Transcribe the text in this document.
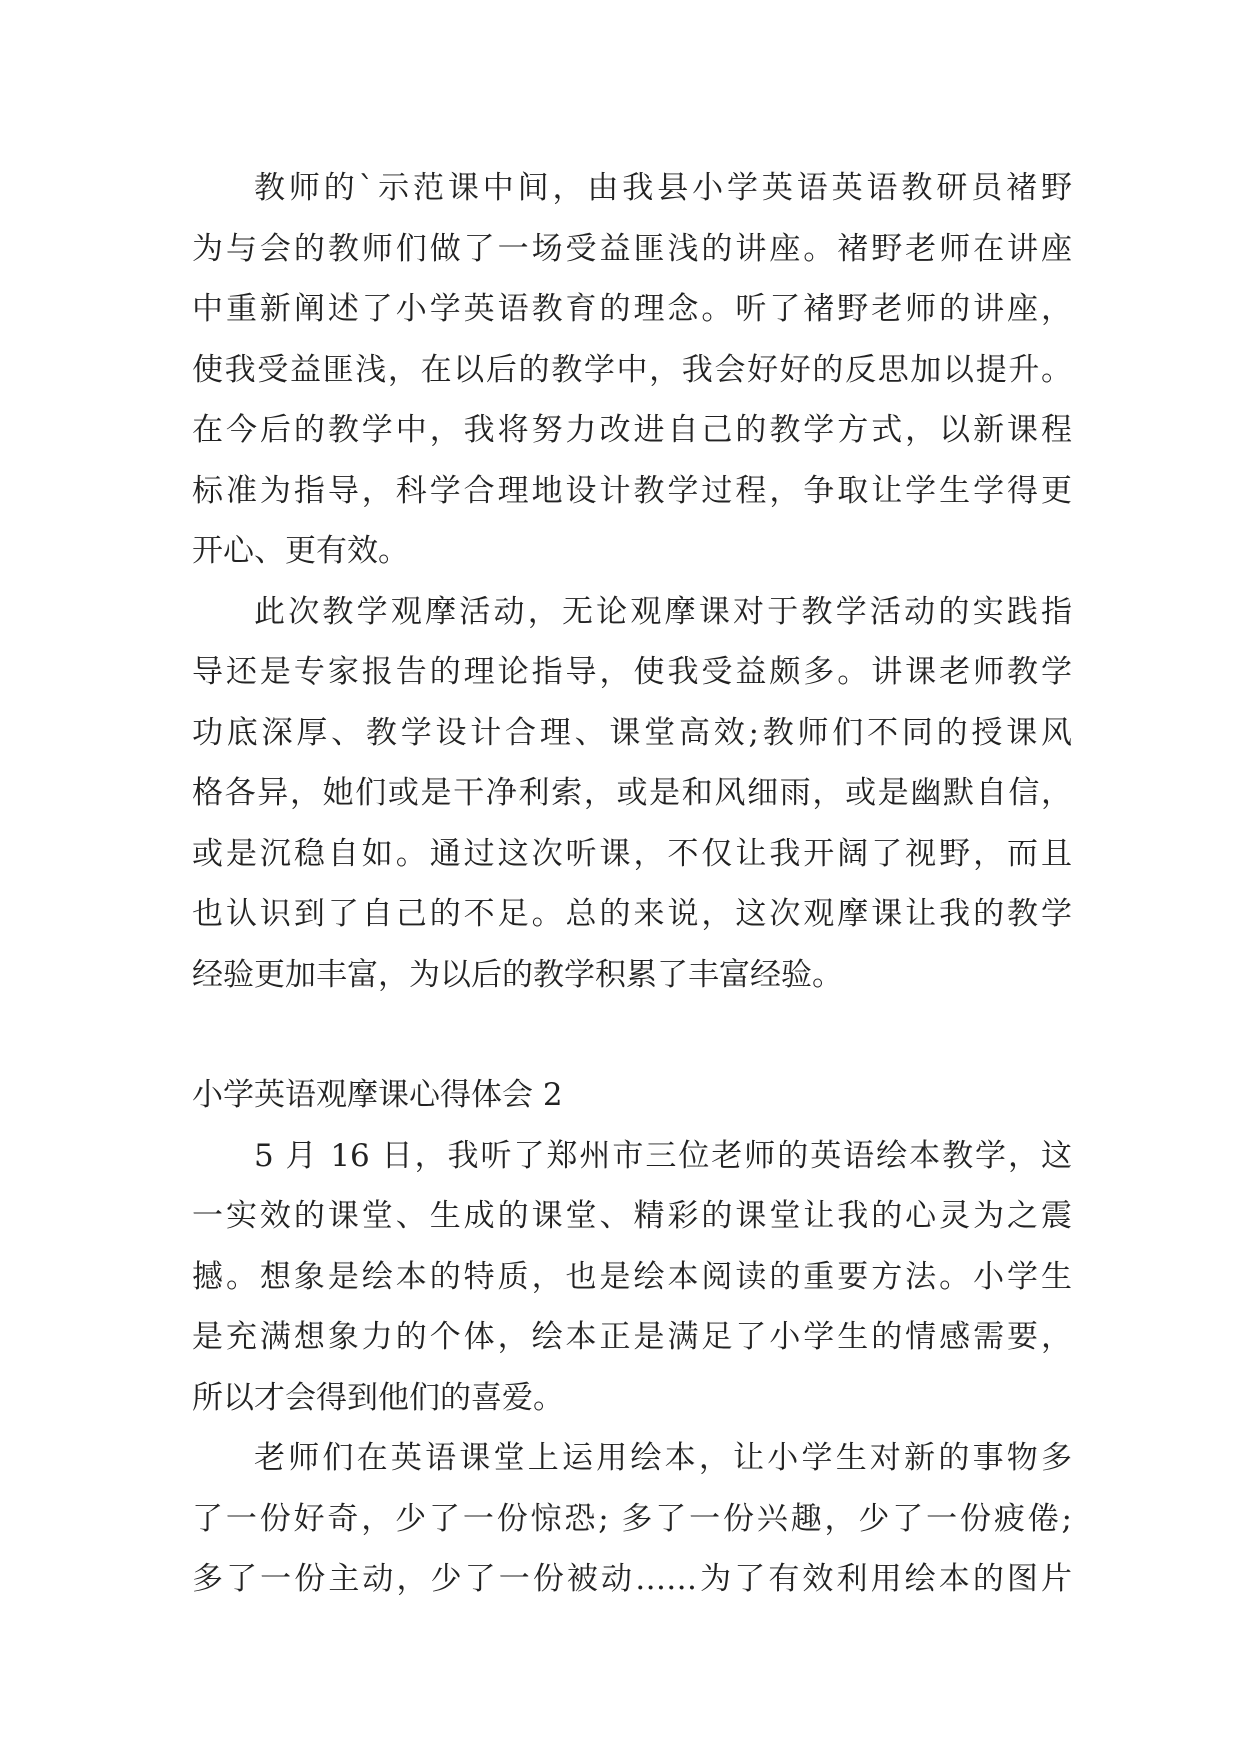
教师的`示范课中间，由我县小学英语英语教研员褚野
为与会的教师们做了一场受益匪浅的讲座。褚野老师在讲座
中重新阐述了小学英语教育的理念。听了褚野老师的讲座，
使我受益匪浅，在以后的教学中，我会好好的反思加以提升。
在今后的教学中，我将努力改进自己的教学方式，以新课程
标准为指导，科学合理地设计教学过程，争取让学生学得更
开心、更有效。
此次教学观摩活动，无论观摩课对于教学活动的实践指
导还是专家报告的理论指导，使我受益颇多。讲课老师教学
功底深厚、教学设计合理、课堂高效;教师们不同的授课风
格各异，她们或是干净利索，或是和风细雨，或是幽默自信，
或是沉稳自如。通过这次听课，不仅让我开阔了视野，而且
也认识到了自己的不足。总的来说，这次观摩课让我的教学
经验更加丰富，为以后的教学积累了丰富经验。
小学英语观摩课心得体会 2
5 月 16 日，我听了郑州市三位老师的英语绘本教学，这
一实效的课堂、生成的课堂、精彩的课堂让我的心灵为之震
撼。想象是绘本的特质，也是绘本阅读的重要方法。小学生
是充满想象力的个体，绘本正是满足了小学生的情感需要，
所以才会得到他们的喜爱。
老师们在英语课堂上运用绘本，让小学生对新的事物多
了一份好奇，少了一份惊恐; 多了一份兴趣，少了一份疲倦;
多了一份主动，少了一份被动……为了有效利用绘本的图片
